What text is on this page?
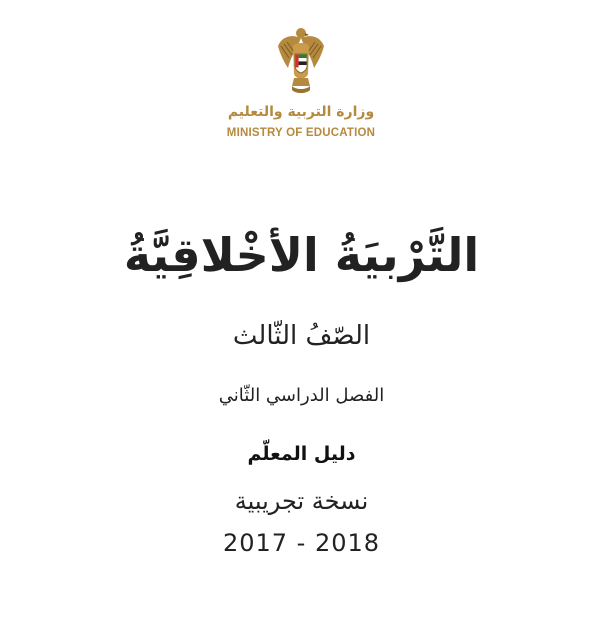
وزارة التربية والتعليم
MINISTRY OF EDUCATION
التَّرْبيَةُ الأخْلاقِيَّةُ
الصّفُ الثّالث
الفصل الدراسي الثّاني
دليل المعلّم
نسخة تجريبية
2017 - 2018
